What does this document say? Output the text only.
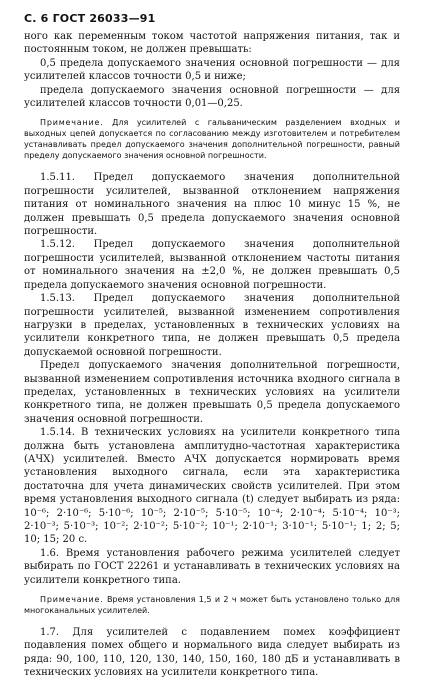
С. 6 ГОСТ 26033—91

ного как переменным током частотой напряжения питания, так и постоянным током, не должен превышать:

0,5 предела допускаемого значения основной погрешности — для усилителей классов точности 0,5 и ниже;

предела допускаемого значения основной погрешности — для усилителей классов точности 0,01—0,25.

Примечание. Для усилителей с гальваническим разделением входных и выходных цепей допускается по согласованию между изготовителем и потребителем устанавливать предел допускаемого значения дополнительной погрешности, равный пределу допускаемого значения основной погрешности.

1.5.11. Предел допускаемого значения дополнительной погрешности усилителей, вызванной отклонением напряжения питания от номинального значения на плюс 10 минус 15 %, не должен превышать 0,5 предела допускаемого значения основной погрешности.

1.5.12. Предел допускаемого значения дополнительной погрешности усилителей, вызванной отклонением частоты питания от номинального значения на ±2,0 %, не должен превышать 0,5 предела допускаемого значения основной погрешности.

1.5.13. Предел допускаемого значения дополнительной погрешности усилителей, вызванной изменением сопротивления нагрузки в пределах, установленных в технических условиях на усилители конкретного типа, не должен превышать 0,5 предела допускаемой основной погрешности.

Предел допускаемого значения дополнительной погрешности, вызванной изменением сопротивления источника входного сигнала в пределах, установленных в технических условиях на усилители конкретного типа, не должен превышать 0,5 предела допускаемого значения основной погрешности.

1.5.14. В технических условиях на усилители конкретного типа должна быть установлена амплитудно-частотная характеристика (АЧХ) усилителей. Вместо АЧХ допускается нормировать время установления выходного сигнала, если эта характеристика достаточна для учета динамических свойств усилителей. При этом время установления выходного сигнала (t) следует выбирать из ряда: 10⁻⁶; 2·10⁻⁶; 5·10⁻⁶; 10⁻⁵; 2·10⁻⁵; 5·10⁻⁵; 10⁻⁴; 2·10⁻⁴; 5·10⁻⁴; 10⁻³; 2·10⁻³; 5·10⁻³; 10⁻²; 2·10⁻²; 5·10⁻²; 10⁻¹; 2·10⁻¹; 3·10⁻¹; 5·10⁻¹; 1; 2; 5; 10; 15; 20 с.

1.6. Время установления рабочего режима усилителей следует выбирать по ГОСТ 22261 и устанавливать в технических условиях на усилители конкретного типа.

Примечание. Время установления 1,5 и 2 ч может быть установлено только для многоканальных усилителей.

1.7. Для усилителей с подавлением помех коэффициент подавления помех общего и нормального вида следует выбирать из ряда: 90, 100, 110, 120, 130, 140, 150, 160, 180 дБ и устанавливать в технических условиях на усилители конкретного типа.
